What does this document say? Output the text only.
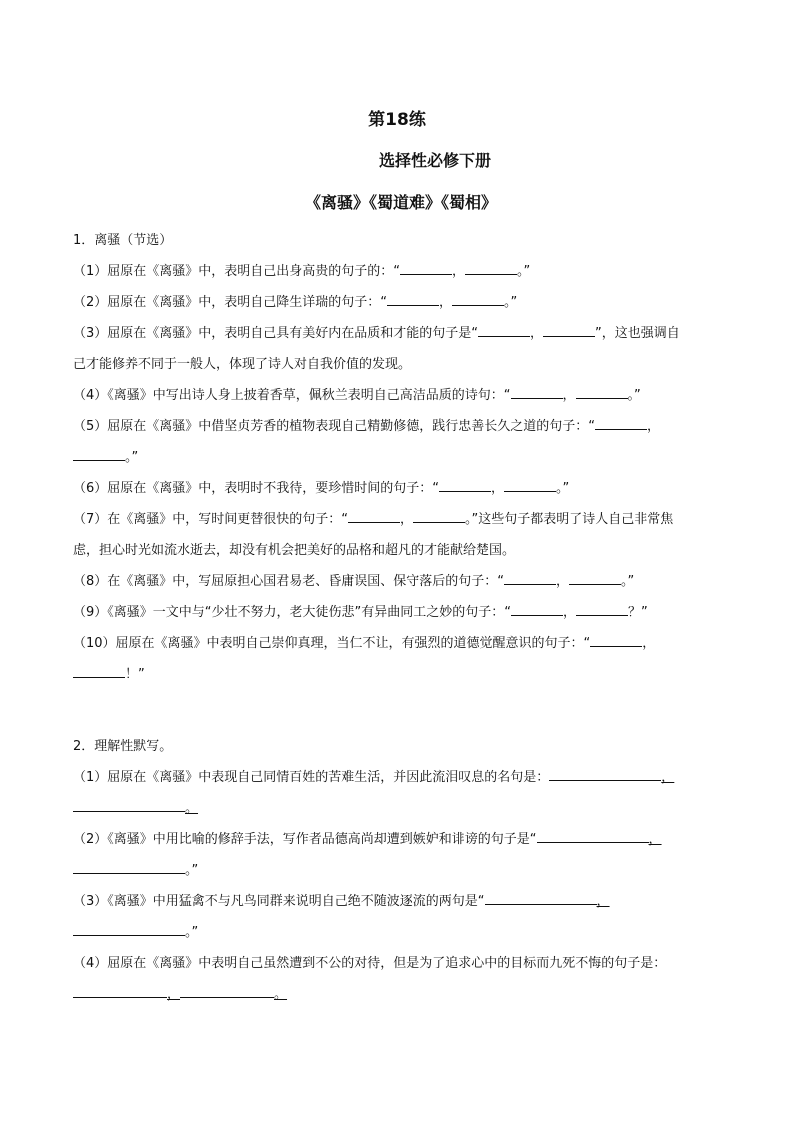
第18练
选择性必修下册
《离骚》《蜀道难》《蜀相》
1．离骚（节选）
（1）屈原在《离骚》中，表明自己出身高贵的句子的：“	，	。”
（2）屈原在《离骚》中，表明自己降生详瑞的句子：“	，	。”
（3）屈原在《离骚》中，表明自己具有美好内在品质和才能的句子是“	，	”，这也强调自
己才能修养不同于一般人，体现了诗人对自我价值的发现。
（4）《离骚》中写出诗人身上披着香草，佩秋兰表明自己高洁品质的诗句：“	，	。”
（5）屈原在《离骚》中借坚贞芳香的植物表现自己精勤修德，践行忠善长久之道的句子：“	，
。”
（6）屈原在《离骚》中，表明时不我待，要珍惜时间的句子：“	，	。”
（7）在《离骚》中，写时间更替很快的句子：“	，	。”这些句子都表明了诗人自己非常焦
虑，担心时光如流水逝去，却没有机会把美好的品格和超凡的才能献给楚国。
（8）在《离骚》中，写屈原担心国君易老、昏庸误国、保守落后的句子：“	，	。”
（9）《离骚》一文中与“少壮不努力，老大徒伤悲”有异曲同工之妙的句子：“	，	？”
（10）屈原在《离骚》中表明自己崇仰真理，当仁不让，有强烈的道德觉醒意识的句子：“	，
！”
2．理解性默写。
（1）屈原在《离骚》中表现自己同情百姓的苦难生活，并因此流泪叹息的名句是：	，
。
（2）《离骚》中用比喻的修辞手法，写作者品德高尚却遭到嫉妒和诽谤的句子是“	，
。”
（3）《离骚》中用猛禽不与凡鸟同群来说明自己绝不随波逐流的两句是“	，
。”
（4）屈原在《离骚》中表明自己虽然遭到不公的对待，但是为了追求心中的目标而九死不悔的句子是：
，	。
